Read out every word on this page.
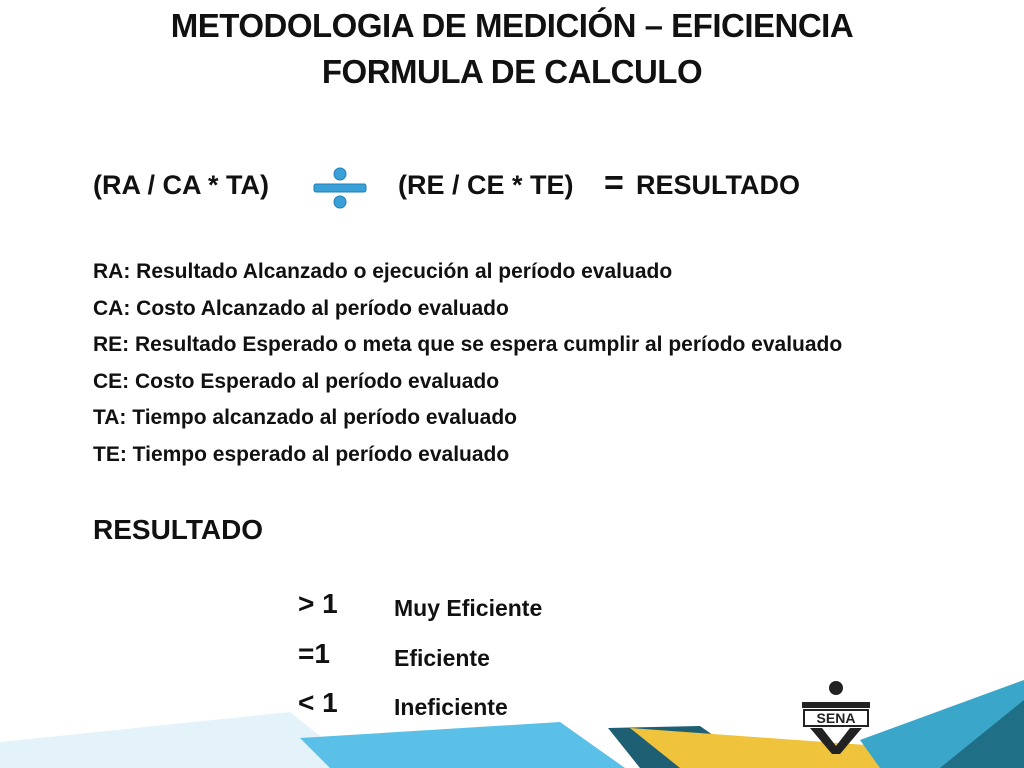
METODOLOGIA DE MEDICIÓN – EFICIENCIA
FORMULA DE CALCULO
(RA / CA * TA)	(RE / CE * TE) = RESULTADO
RA: Resultado Alcanzado o ejecución al período evaluado
CA: Costo Alcanzado al período evaluado
RE: Resultado Esperado o meta que se espera cumplir al período evaluado
CE: Costo Esperado al período evaluado
TA: Tiempo alcanzado al período evaluado
TE: Tiempo esperado al período evaluado
RESULTADO
> 1 Muy Eficiente
=1	Eficiente
< 1 Ineficiente	SENA
